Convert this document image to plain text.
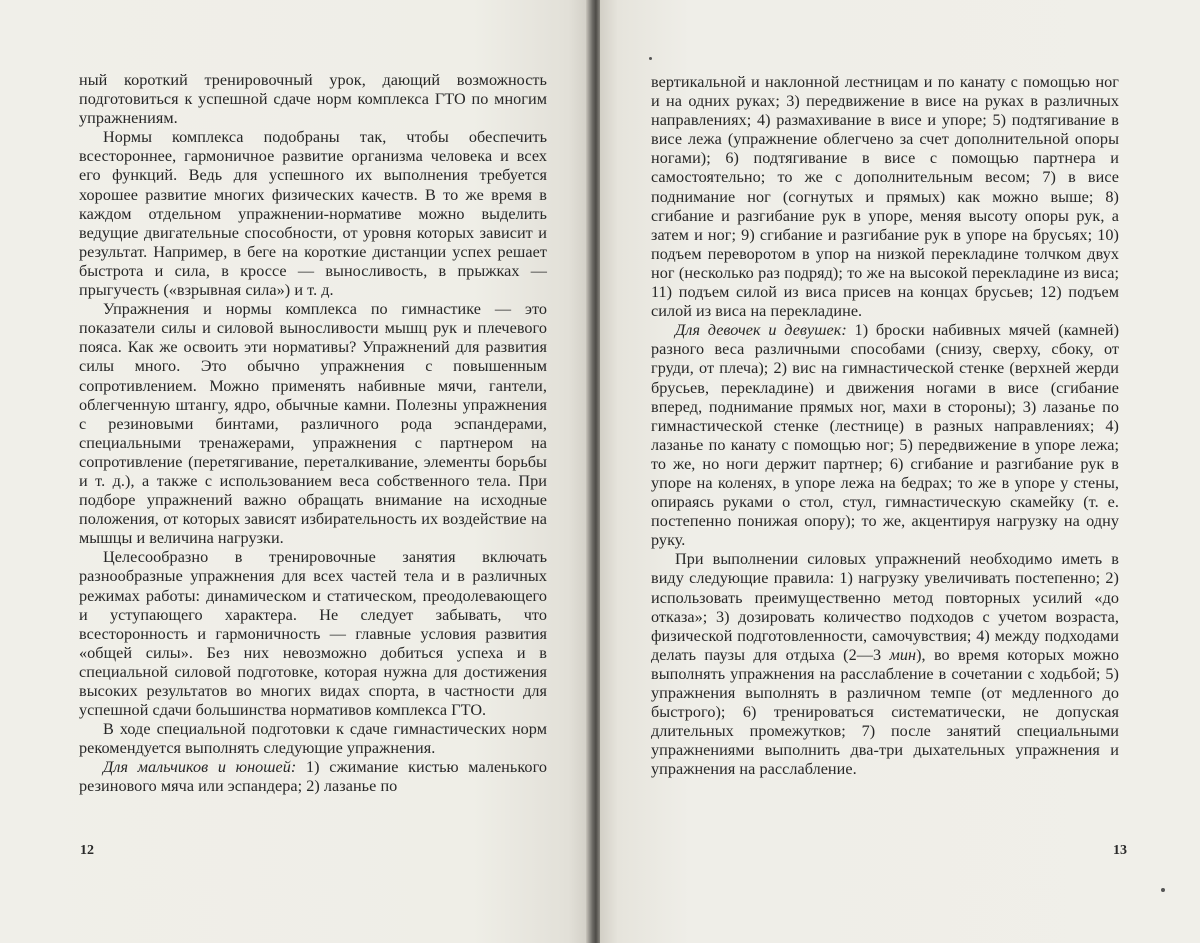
ный короткий тренировочный урок, дающий возможность подготовиться к успешной сдаче норм комплекса ГТО по многим упражнениям.

Нормы комплекса подобраны так, чтобы обеспечить всестороннее, гармоничное развитие организма человека и всех его функций. Ведь для успешного их выполнения требуется хорошее развитие многих физических качеств. В то же время в каждом отдельном упражнении-нормативе можно выделить ведущие двигательные способности, от уровня которых зависит и результат. Например, в беге на короткие дистанции успех решает быстрота и сила, в кроссе — выносливость, в прыжках — прыгучесть («взрывная сила») и т. д.

Упражнения и нормы комплекса по гимнастике — это показатели силы и силовой выносливости мышц рук и плечевого пояса. Как же освоить эти нормативы? Упражнений для развития силы много. Это обычно упражнения с повышенным сопротивлением. Можно применять набивные мячи, гантели, облегченную штангу, ядро, обычные камни. Полезны упражнения с резиновыми бинтами, различного рода эспандерами, специальными тренажерами, упражнения с партнером на сопротивление (перетягивание, переталкивание, элементы борьбы и т. д.), а также с использованием веса собственного тела. При подборе упражнений важно обращать внимание на исходные положения, от которых зависят избирательность их воздействие на мышцы и величина нагрузки.

Целесообразно в тренировочные занятия включать разнообразные упражнения для всех частей тела и в различных режимах работы: динамическом и статическом, преодолевающего и уступающего характера. Не следует забывать, что всесторонность и гармоничность — главные условия развития «общей силы». Без них невозможно добиться успеха и в специальной силовой подготовке, которая нужна для достижения высоких результатов во многих видах спорта, в частности для успешной сдачи большинства нормативов комплекса ГТО.

В ходе специальной подготовки к сдаче гимнастических норм рекомендуется выполнять следующие упражнения.

Для мальчиков и юношей: 1) сжимание кистью маленького резинового мяча или эспандера; 2) лазанье по

12

вертикальной и наклонной лестницам и по канату с помощью ног и на одних руках; 3) передвижение в висе на руках в различных направлениях; 4) размахивание в висе и упоре; 5) подтягивание в висе лежа (упражнение облегчено за счет дополнительной опоры ногами); 6) подтягивание в висе с помощью партнера и самостоятельно; то же с дополнительным весом; 7) в висе поднимание ног (согнутых и прямых) как можно выше; 8) сгибание и разгибание рук в упоре, меняя высоту опоры рук, а затем и ног; 9) сгибание и разгибание рук в упоре на брусьях; 10) подъем переворотом в упор на низкой перекладине толчком двух ног (несколько раз подряд); то же на высокой перекладине из виса; 11) подъем силой из виса присев на концах брусьев; 12) подъем силой из виса на перекладине.

Для девочек и девушек: 1) броски набивных мячей (камней) разного веса различными способами (снизу, сверху, сбоку, от груди, от плеча); 2) вис на гимнастической стенке (верхней жерди брусьев, перекладине) и движения ногами в висе (сгибание вперед, поднимание прямых ног, махи в стороны); 3) лазанье по гимнастической стенке (лестнице) в разных направлениях; 4) лазанье по канату с помощью ног; 5) передвижение в упоре лежа; то же, но ноги держит партнер; 6) сгибание и разгибание рук в упоре на коленях, в упоре лежа на бедрах; то же в упоре у стены, опираясь руками о стол, стул, гимнастическую скамейку (т. е. постепенно понижая опору); то же, акцентируя нагрузку на одну руку.

При выполнении силовых упражнений необходимо иметь в виду следующие правила: 1) нагрузку увеличивать постепенно; 2) использовать преимущественно метод повторных усилий «до отказа»; 3) дозировать количество подходов с учетом возраста, физической подготовленности, самочувствия; 4) между подходами делать паузы для отдыха (2—3 мин), во время которых можно выполнять упражнения на расслабление в сочетании с ходьбой; 5) упражнения выполнять в различном темпе (от медленного до быстрого); 6) тренироваться систематически, не допуская длительных промежутков; 7) после занятий специальными упражнениями выполнить два-три дыхательных упражнения и упражнения на расслабление.

13
